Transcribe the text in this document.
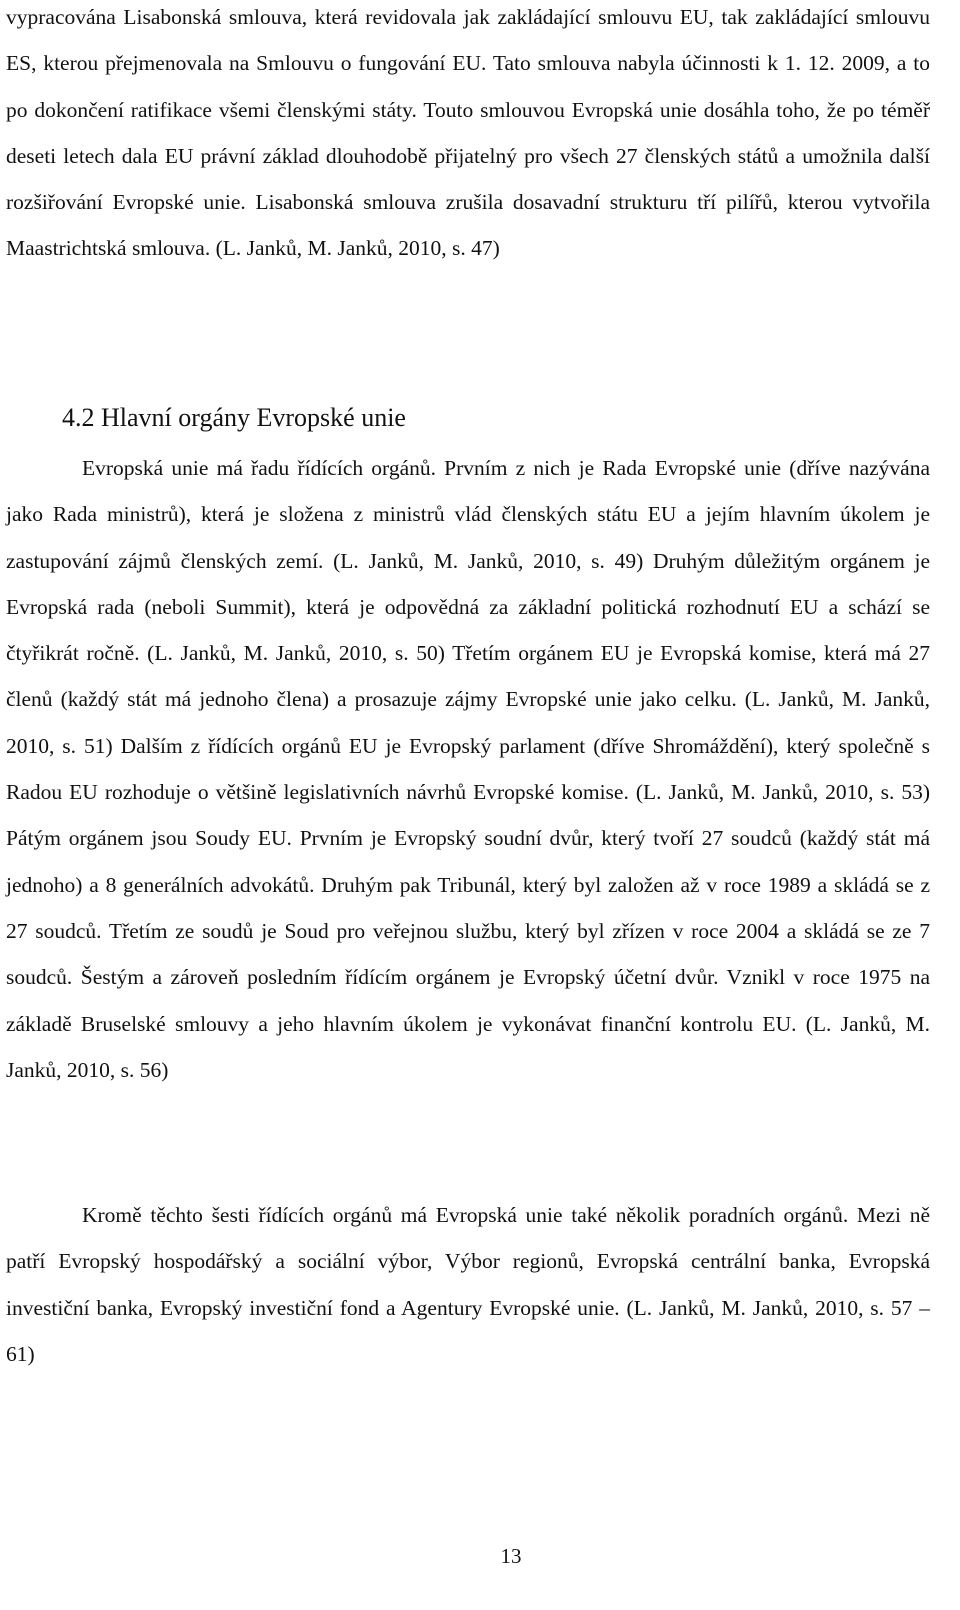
vypracována Lisabonská smlouva, která revidovala jak zakládající smlouvu EU, tak zakládající smlouvu ES, kterou přejmenovala na Smlouvu o fungování EU. Tato smlouva nabyla účinnosti k 1. 12. 2009, a to po dokončení ratifikace všemi členskými státy. Touto smlouvou Evropská unie dosáhla toho, že po téměř deseti letech dala EU právní základ dlouhodobě přijatelný pro všech 27 členských států a umožnila další rozšiřování Evropské unie. Lisabonská smlouva zrušila dosavadní strukturu tří pilířů, kterou vytvořila Maastrichtská smlouva. (L. Janků, M. Janků, 2010, s. 47)

4.2 Hlavní orgány Evropské unie

Evropská unie má řadu řídících orgánů. Prvním z nich je Rada Evropské unie (dříve nazývána jako Rada ministrů), která je složena z ministrů vlád členských státu EU a jejím hlavním úkolem je zastupování zájmů členských zemí. (L. Janků, M. Janků, 2010, s. 49) Druhým důležitým orgánem je Evropská rada (neboli Summit), která je odpovědná za základní politická rozhodnutí EU a schází se čtyřikrát ročně. (L. Janků, M. Janků, 2010, s. 50) Třetím orgánem EU je Evropská komise, která má 27 členů (každý stát má jednoho člena) a prosazuje zájmy Evropské unie jako celku. (L. Janků, M. Janků, 2010, s. 51) Dalším z řídících orgánů EU je Evropský parlament (dříve Shromáždění), který společně s Radou EU rozhoduje o většině legislativních návrhů Evropské komise. (L. Janků, M. Janků, 2010, s. 53) Pátým orgánem jsou Soudy EU. Prvním je Evropský soudní dvůr, který tvoří 27 soudců (každý stát má jednoho) a 8 generálních advokátů. Druhým pak Tribunál, který byl založen až v roce 1989 a skládá se z 27 soudců. Třetím ze soudů je Soud pro veřejnou službu, který byl zřízen v roce 2004 a skládá se ze 7 soudců. Šestým a zároveň posledním řídícím orgánem je Evropský účetní dvůr. Vznikl v roce 1975 na základě Bruselské smlouvy a jeho hlavním úkolem je vykonávat finanční kontrolu EU. (L. Janků, M. Janků, 2010, s. 56)

Kromě těchto šesti řídících orgánů má Evropská unie také několik poradních orgánů. Mezi ně patří Evropský hospodářský a sociální výbor, Výbor regionů, Evropská centrální banka, Evropská investiční banka, Evropský investiční fond a Agentury Evropské unie. (L. Janků, M. Janků, 2010, s. 57 – 61)

13
